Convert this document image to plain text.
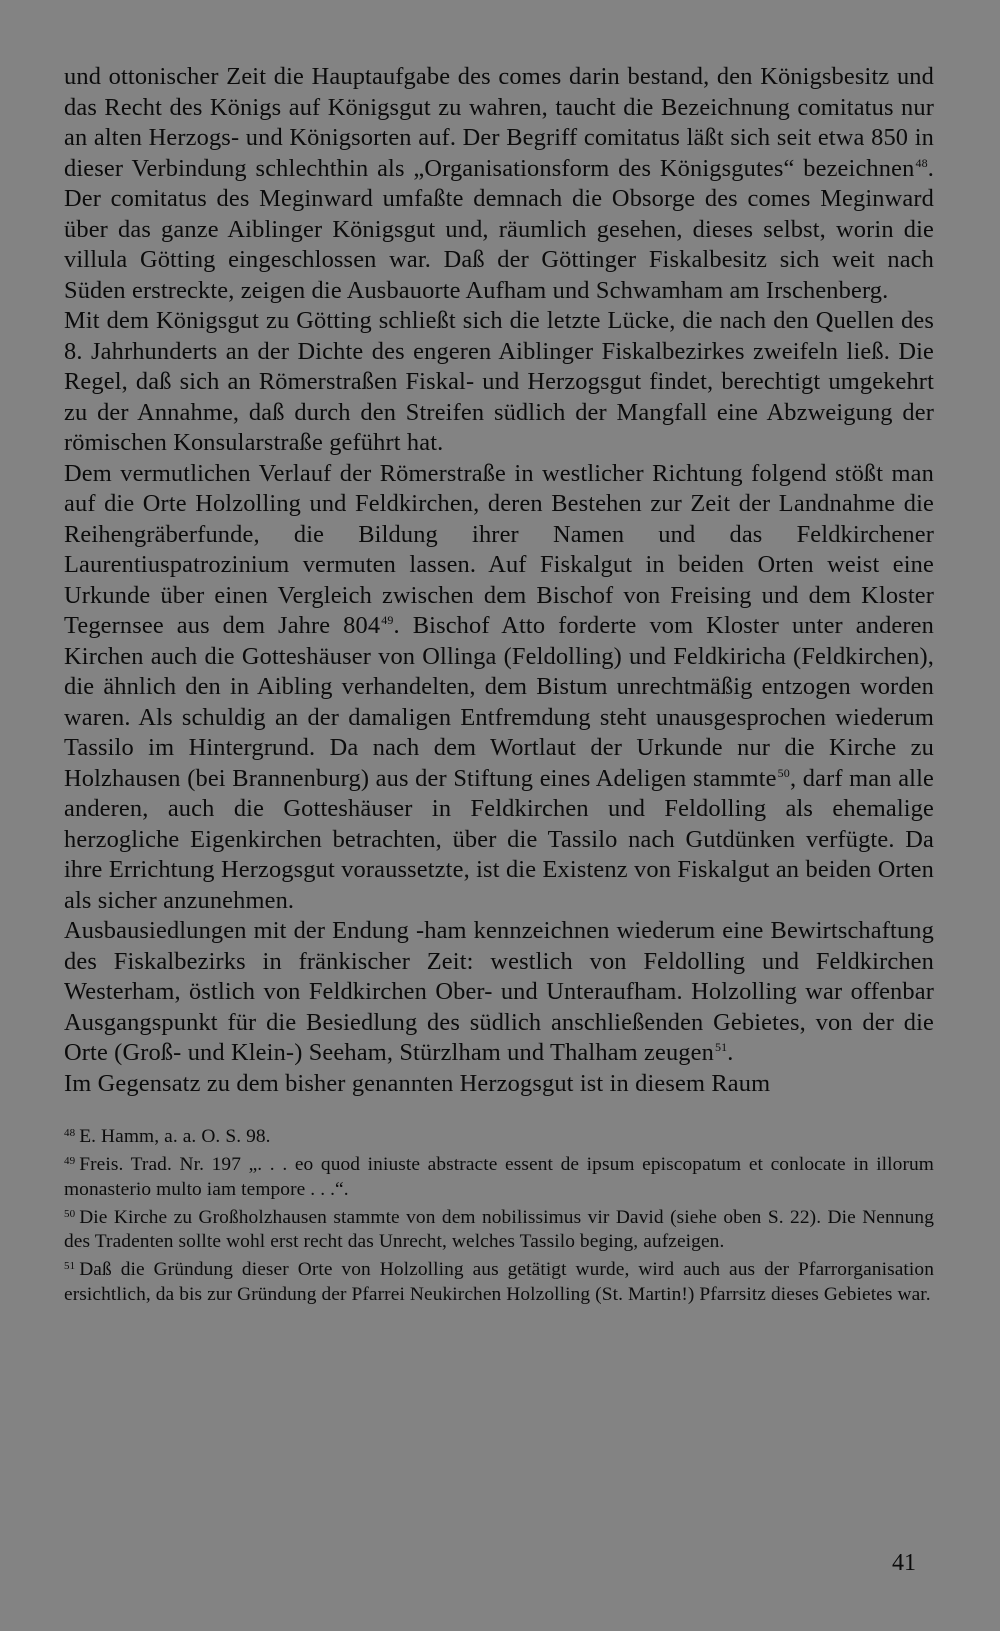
und ottonischer Zeit die Hauptaufgabe des comes darin bestand, den Königsbesitz und das Recht des Königs auf Königsgut zu wahren, taucht die Bezeichnung comitatus nur an alten Herzogs- und Königsorten auf. Der Begriff comitatus läßt sich seit etwa 850 in dieser Verbindung schlechthin als „Organisationsform des Königsgutes“ bezeichnen$^{48}$. Der comitatus des Meginward umfaßte demnach die Obsorge des comes Meginward über das ganze Aiblinger Königsgut und, räumlich gesehen, dieses selbst, worin die villula Götting eingeschlossen war. Daß der Göttinger Fiskalbesitz sich weit nach Süden erstreckte, zeigen die Ausbauorte Aufham und Schwamham am Irschenberg.

Mit dem Königsgut zu Götting schließt sich die letzte Lücke, die nach den Quellen des 8. Jahrhunderts an der Dichte des engeren Aiblinger Fiskalbezirkes zweifeln ließ. Die Regel, daß sich an Römerstraßen Fiskal- und Herzogsgut findet, berechtigt umgekehrt zu der Annahme, daß durch den Streifen südlich der Mangfall eine Abzweigung der römischen Konsularstraße geführt hat.

Dem vermutlichen Verlauf der Römerstraße in westlicher Richtung folgend stößt man auf die Orte Holzolling und Feldkirchen, deren Bestehen zur Zeit der Landnahme die Reihengräberfunde, die Bildung ihrer Namen und das Feldkirchener Laurentiuspatrozinium vermuten lassen. Auf Fiskalgut in beiden Orten weist eine Urkunde über einen Vergleich zwischen dem Bischof von Freising und dem Kloster Tegernsee aus dem Jahre 804$^{49}$. Bischof Atto forderte vom Kloster unter anderen Kirchen auch die Gotteshäuser von Ollinga (Feldolling) und Feldkiricha (Feldkirchen), die ähnlich den in Aibling verhandelten, dem Bistum unrechtmäßig entzogen worden waren. Als schuldig an der damaligen Entfremdung steht unausgesprochen wiederum Tassilo im Hintergrund. Da nach dem Wortlaut der Urkunde nur die Kirche zu Holzhausen (bei Brannenburg) aus der Stiftung eines Adeligen stammte$^{50}$, darf man alle anderen, auch die Gotteshäuser in Feldkirchen und Feldolling als ehemalige herzogliche Eigenkirchen betrachten, über die Tassilo nach Gutdünken verfügte. Da ihre Errichtung Herzogsgut voraussetzte, ist die Existenz von Fiskalgut an beiden Orten als sicher anzunehmen.

Ausbausiedlungen mit der Endung -ham kennzeichnen wiederum eine Bewirtschaftung des Fiskalbezirks in fränkischer Zeit: westlich von Feldolling und Feldkirchen Westerham, östlich von Feldkirchen Ober- und Unteraufham. Holzolling war offenbar Ausgangspunkt für die Besiedlung des südlich anschließenden Gebietes, von der die Orte (Groß- und Klein-) Seeham, Stürzlham und Thalham zeugen$^{51}$.

Im Gegensatz zu dem bisher genannten Herzogsgut ist in diesem Raum

$^{48}$ E. Hamm, a. a. O. S. 98.

$^{49}$ Freis. Trad. Nr. 197 „. . . eo quod iniuste abstracte essent de ipsum episcopatum et conlocate in illorum monasterio multo iam tempore . . .“.

$^{50}$ Die Kirche zu Großholzhausen stammte von dem nobilissimus vir David (siehe oben S. 22). Die Nennung des Tradenten sollte wohl erst recht das Unrecht, welches Tassilo beging, aufzeigen.

$^{51}$ Daß die Gründung dieser Orte von Holzolling aus getätigt wurde, wird auch aus der Pfarrorganisation ersichtlich, da bis zur Gründung der Pfarrei Neukirchen Holzolling (St. Martin!) Pfarrsitz dieses Gebietes war.

41
